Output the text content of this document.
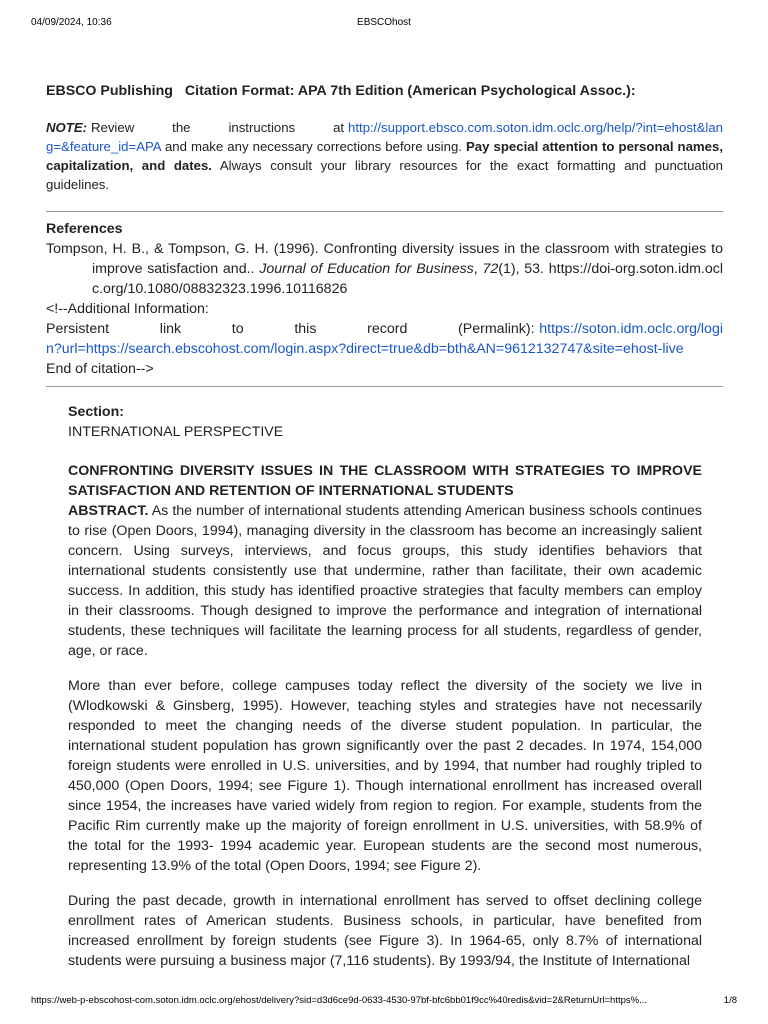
04/09/2024, 10:36	EBSCOhost

EBSCO Publishing Citation Format: APA 7th Edition (American Psychological Assoc.):

NOTE: Review the instructions at http://support.ebsco.com.soton.idm.oclc.org/help/?int=ehost&lang=&feature_id=APA and make any necessary corrections before using. Pay special attention to personal names, capitalization, and dates. Always consult your library resources for the exact formatting and punctuation guidelines.

References

Tompson, H. B., & Tompson, G. H. (1996). Confronting diversity issues in the classroom with strategies to improve satisfaction and.. Journal of Education for Business, 72(1), 53. https://doi-org.soton.idm.oclc.org/10.1080/08832323.1996.10116826

<!--Additional Information:

Persistent link to this record (Permalink): https://soton.idm.oclc.org/login?url=https://search.ebscohost.com/login.aspx?direct=true&db=bth&AN=9612132747&site=ehost-live

End of citation-->

Section:

INTERNATIONAL PERSPECTIVE

CONFRONTING DIVERSITY ISSUES IN THE CLASSROOM WITH STRATEGIES TO IMPROVE SATISFACTION AND RETENTION OF INTERNATIONAL STUDENTS

ABSTRACT. As the number of international students attending American business schools continues to rise (Open Doors, 1994), managing diversity in the classroom has become an increasingly salient concern. Using surveys, interviews, and focus groups, this study identifies behaviors that international students consistently use that undermine, rather than facilitate, their own academic success. In addition, this study has identified proactive strategies that faculty members can employ in their classrooms. Though designed to improve the performance and integration of international students, these techniques will facilitate the learning process for all students, regardless of gender, age, or race.

More than ever before, college campuses today reflect the diversity of the society we live in (Wlodkowski & Ginsberg, 1995). However, teaching styles and strategies have not necessarily responded to meet the changing needs of the diverse student population. In particular, the international student population has grown significantly over the past 2 decades. In 1974, 154,000 foreign students were enrolled in U.S. universities, and by 1994, that number had roughly tripled to 450,000 (Open Doors, 1994; see Figure 1). Though international enrollment has increased overall since 1954, the increases have varied widely from region to region. For example, students from the Pacific Rim currently make up the majority of foreign enrollment in U.S. universities, with 58.9% of the total for the 1993- 1994 academic year. European students are the second most numerous, representing 13.9% of the total (Open Doors, 1994; see Figure 2).

During the past decade, growth in international enrollment has served to offset declining college enrollment rates of American students. Business schools, in particular, have benefited from increased enrollment by foreign students (see Figure 3). In 1964-65, only 8.7% of international students were pursuing a business major (7,116 students). By 1993/94, the Institute of International

https://web-p-ebscohost-com.soton.idm.oclc.org/ehost/delivery?sid=d3d6ce9d-0633-4530-97bf-bfc6bb01f9cc%40redis&vid=2&ReturnUrl=https%...	1/8
